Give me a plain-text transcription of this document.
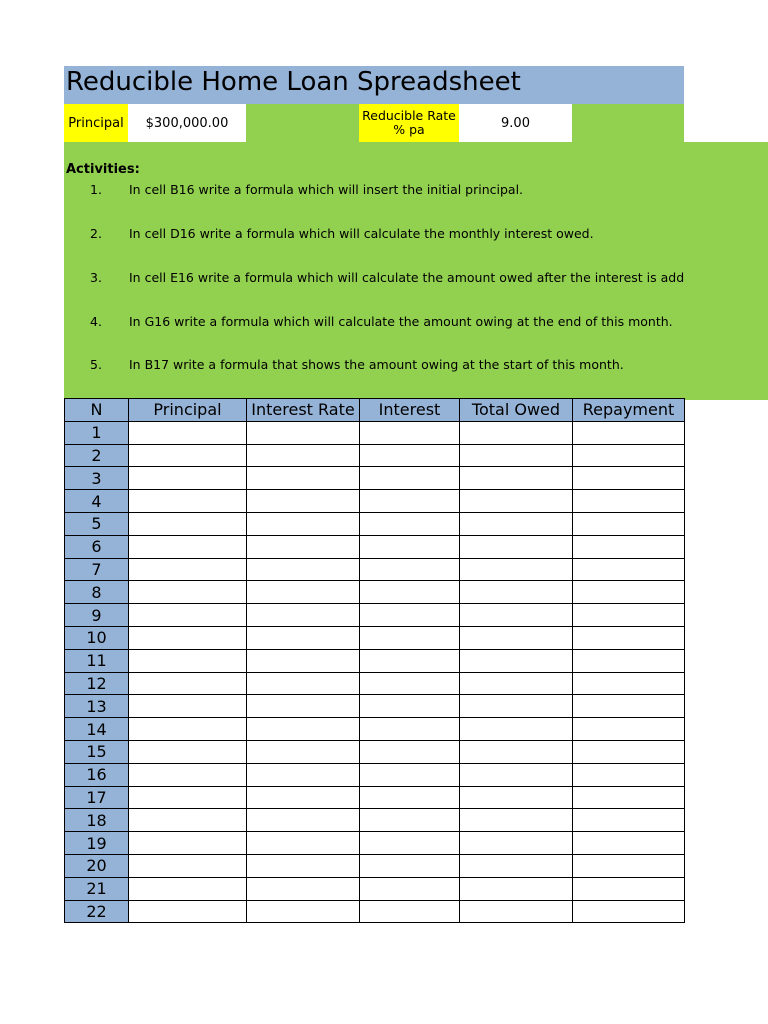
Reducible Home Loan Spreadsheet
Principal	$300,000.00	Reducible Rate % pa	9.00
Activities:
1. In cell B16 write a formula which will insert the initial principal.
2. In cell D16 write a formula which will calculate the monthly interest owed.
3. In cell E16 write a formula which will calculate the amount owed after the interest is add
4. In G16 write a formula which will calculate the amount owing at the end of this month.
5. In B17 write a formula that shows the amount owing at the start of this month.
N	Principal	Interest Rate	Interest	Total Owed	Repayment
1					
2					
3					
4					
5					
6					
7					
8					
9					
10					
11					
12					
13					
14					
15					
16					
17					
18					
19					
20					
21					
22					
